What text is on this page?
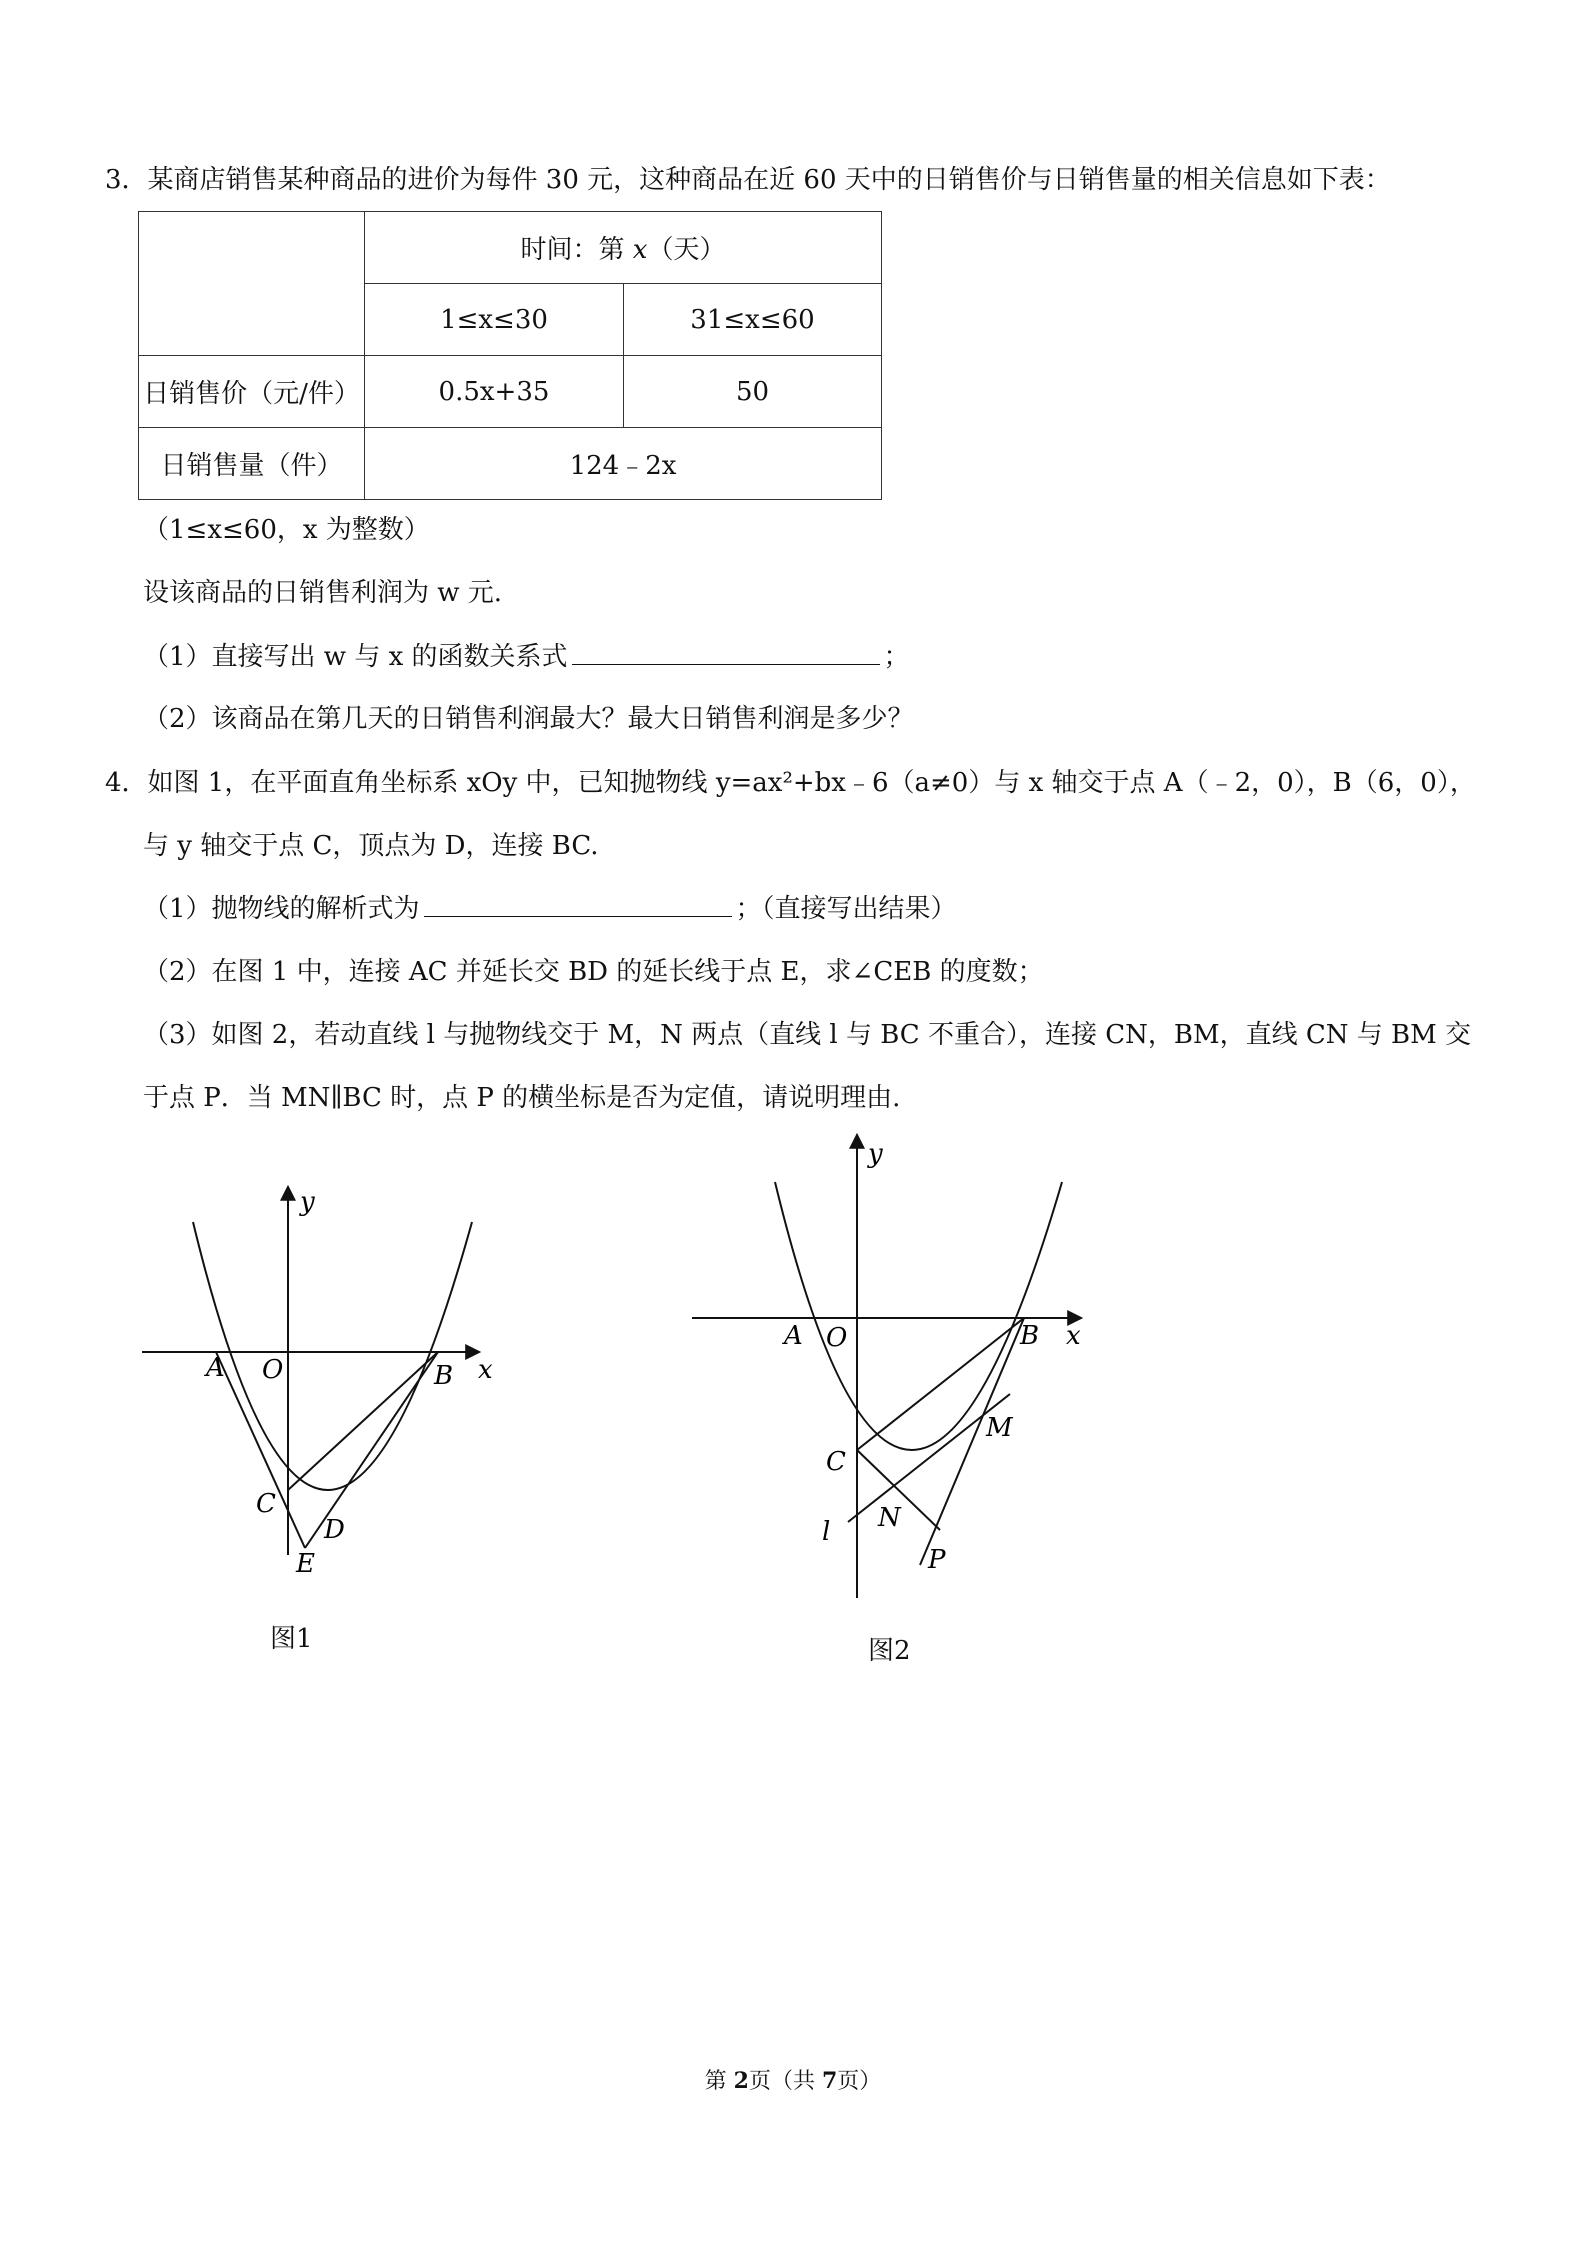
3．某商店销售某种商品的进价为每件 30 元，这种商品在近 60 天中的日销售价与日销售量的相关信息如下表：
	时间：第 x（天）	
	1≤x≤30	31≤x≤60
日销售价（元/件）	0.5x+35	50
日销售量（件）	124﹣2x	
（1≤x≤60，x 为整数）
设该商品的日销售利润为 w 元.
（1）直接写出 w 与 x 的函数关系式	；
（2）该商品在第几天的日销售利润最大？最大日销售利润是多少？
4．如图 1，在平面直角坐标系 xOy 中，已知抛物线 y=ax²+bx﹣6（a≠0）与 x 轴交于点 A（﹣2，0），B（6，0），
与 y 轴交于点 C，顶点为 D，连接 BC.
（1）抛物线的解析式为	；（直接写出结果）
（2）在图 1 中，连接 AC 并延长交 BD 的延长线于点 E，求∠CEB 的度数；
（3）如图 2，若动直线 l 与抛物线交于 M，N 两点（直线 l 与 BC 不重合），连接 CN，BM，直线 CN 与 BM 交
于点 P．当 MN∥BC 时，点 P 的横坐标是否为定值，请说明理由.
y
x
A O	B
C
D
E
y
x
A O	B
M
C
N
l
P
图1	图2
第 2页（共 7页）
